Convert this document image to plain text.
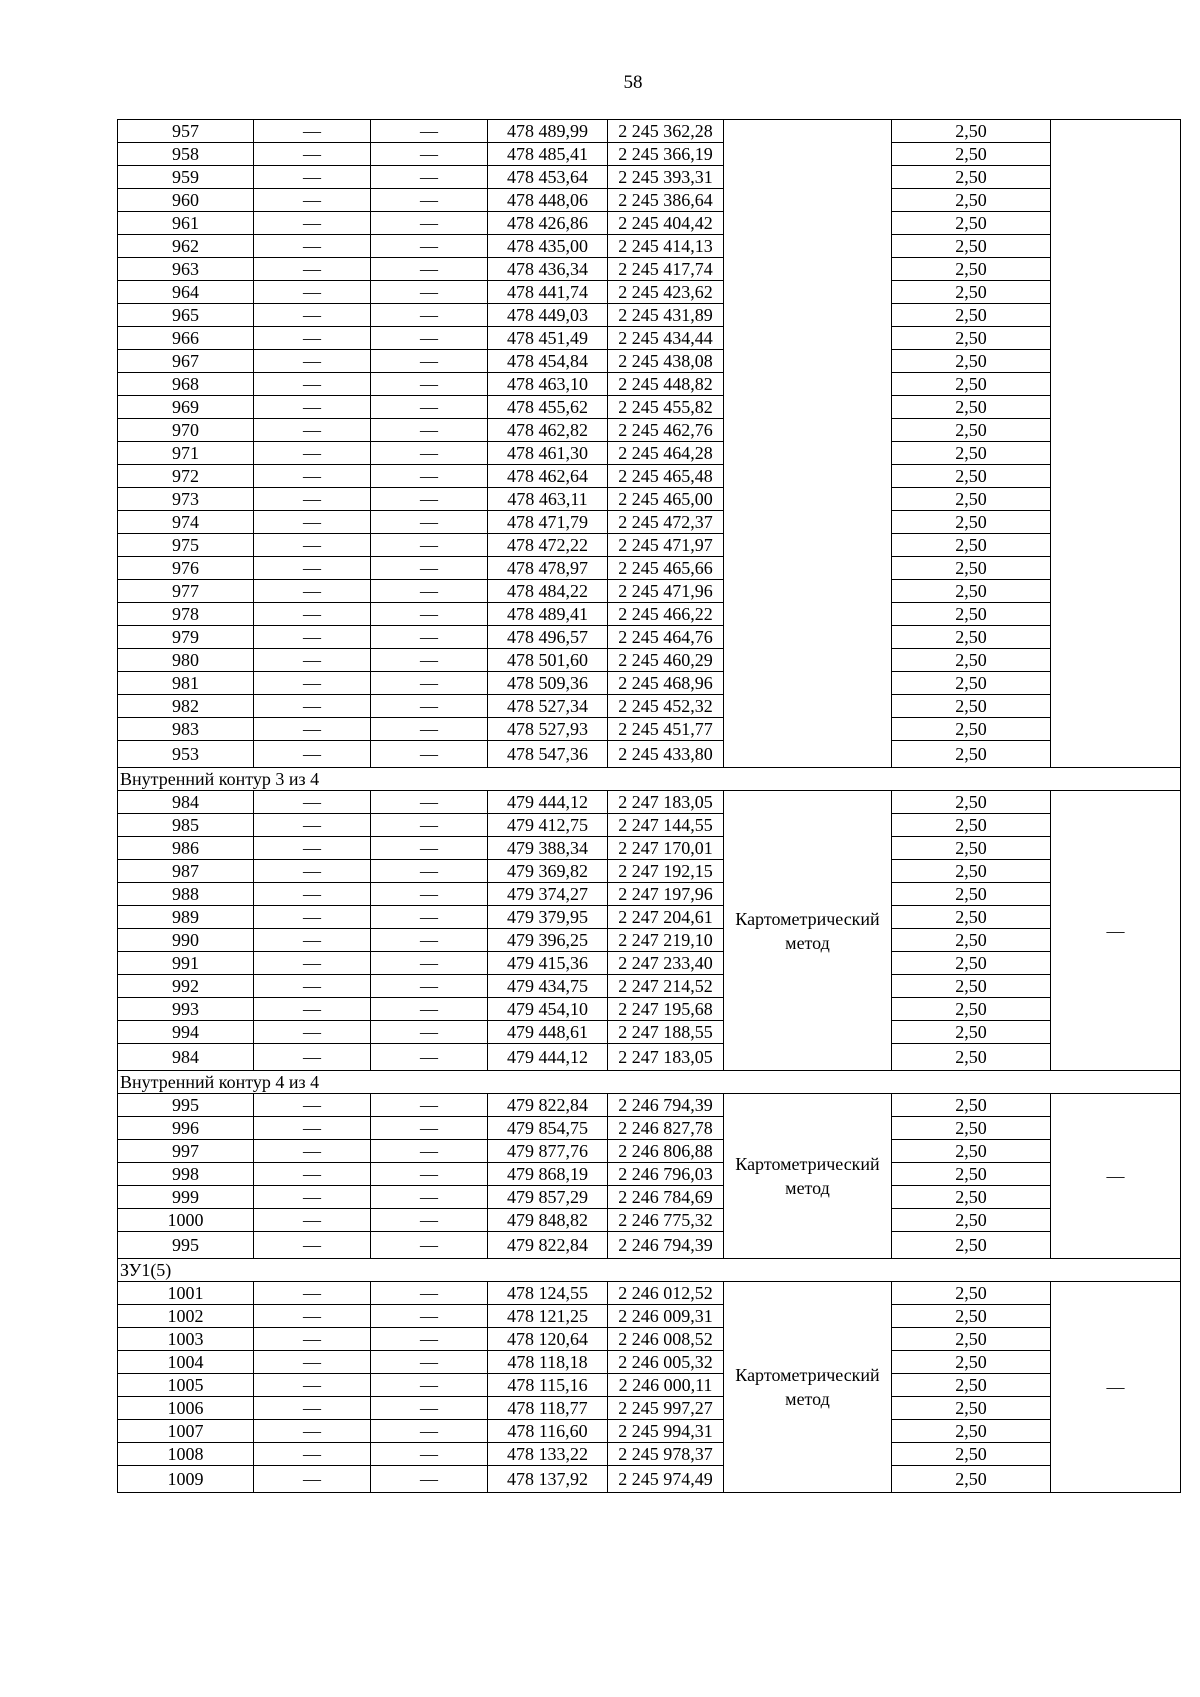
58
957	—	—	478 489,99	2 245 362,28		2,50	
958	—	—	478 485,41	2 245 366,19		2,50	
959	—	—	478 453,64	2 245 393,31		2,50	
960	—	—	478 448,06	2 245 386,64		2,50	
961	—	—	478 426,86	2 245 404,42		2,50	
962	—	—	478 435,00	2 245 414,13		2,50	
963	—	—	478 436,34	2 245 417,74		2,50	
964	—	—	478 441,74	2 245 423,62		2,50	
965	—	—	478 449,03	2 245 431,89		2,50	
966	—	—	478 451,49	2 245 434,44		2,50	
967	—	—	478 454,84	2 245 438,08		2,50	
968	—	—	478 463,10	2 245 448,82		2,50	
969	—	—	478 455,62	2 245 455,82		2,50	
970	—	—	478 462,82	2 245 462,76		2,50	
971	—	—	478 461,30	2 245 464,28		2,50	
972	—	—	478 462,64	2 245 465,48		2,50	
973	—	—	478 463,11	2 245 465,00		2,50	
974	—	—	478 471,79	2 245 472,37		2,50	
975	—	—	478 472,22	2 245 471,97		2,50	
976	—	—	478 478,97	2 245 465,66		2,50	
977	—	—	478 484,22	2 245 471,96		2,50	
978	—	—	478 489,41	2 245 466,22		2,50	
979	—	—	478 496,57	2 245 464,76		2,50	
980	—	—	478 501,60	2 245 460,29		2,50	
981	—	—	478 509,36	2 245 468,96		2,50	
982	—	—	478 527,34	2 245 452,32		2,50	
983	—	—	478 527,93	2 245 451,77		2,50	
953	—	—	478 547,36	2 245 433,80		2,50	
Внутренний контур 3 из 4							
984	—	—	479 444,12	2 247 183,05	Картометрический метод	2,50	—
985	—	—	479 412,75	2 247 144,55		2,50	
986	—	—	479 388,34	2 247 170,01		2,50	
987	—	—	479 369,82	2 247 192,15		2,50	
988	—	—	479 374,27	2 247 197,96		2,50	
989	—	—	479 379,95	2 247 204,61		2,50	
990	—	—	479 396,25	2 247 219,10		2,50	
991	—	—	479 415,36	2 247 233,40		2,50	
992	—	—	479 434,75	2 247 214,52		2,50	
993	—	—	479 454,10	2 247 195,68		2,50	
994	—	—	479 448,61	2 247 188,55		2,50	
984	—	—	479 444,12	2 247 183,05		2,50	
Внутренний контур 4 из 4							
995	—	—	479 822,84	2 246 794,39	Картометрический метод	2,50	—
996	—	—	479 854,75	2 246 827,78		2,50	
997	—	—	479 877,76	2 246 806,88		2,50	
998	—	—	479 868,19	2 246 796,03		2,50	
999	—	—	479 857,29	2 246 784,69		2,50	
1000	—	—	479 848,82	2 246 775,32		2,50	
995	—	—	479 822,84	2 246 794,39		2,50	
ЗУ1(5)							
1001	—	—	478 124,55	2 246 012,52	Картометрический метод	2,50	—
1002	—	—	478 121,25	2 246 009,31		2,50	
1003	—	—	478 120,64	2 246 008,52		2,50	
1004	—	—	478 118,18	2 246 005,32		2,50	
1005	—	—	478 115,16	2 246 000,11		2,50	
1006	—	—	478 118,77	2 245 997,27		2,50	
1007	—	—	478 116,60	2 245 994,31		2,50	
1008	—	—	478 133,22	2 245 978,37		2,50	
1009	—	—	478 137,92	2 245 974,49		2,50	
